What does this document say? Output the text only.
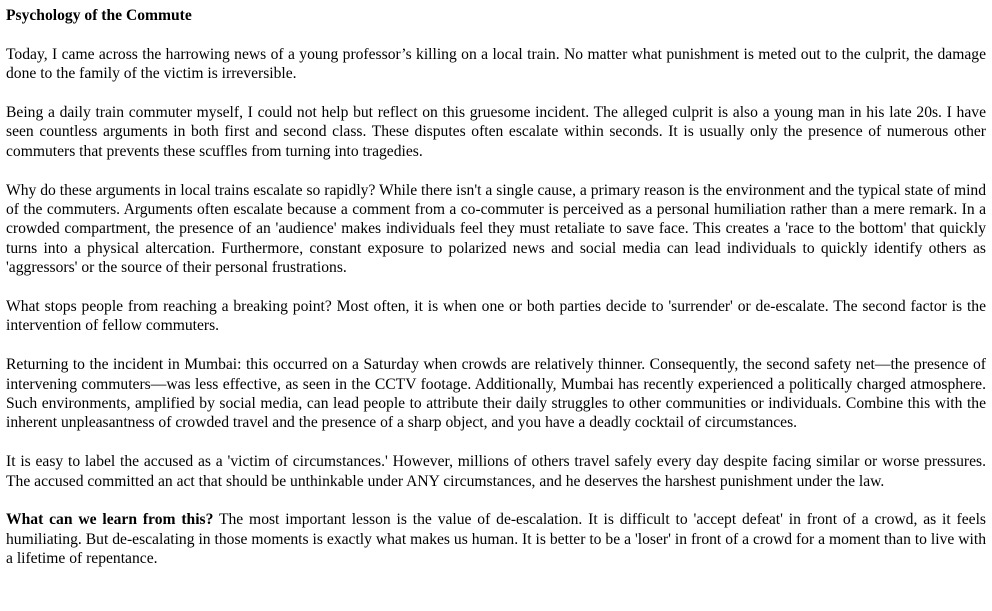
Psychology of the Commute

Today, I came across the harrowing news of a young professor’s killing on a local train. No matter what punishment is meted out to the culprit, the damage done to the family of the victim is irreversible.

Being a daily train commuter myself, I could not help but reflect on this gruesome incident. The alleged culprit is also a young man in his late 20s. I have seen countless arguments in both first and second class. These disputes often escalate within seconds. It is usually only the presence of numerous other commuters that prevents these scuffles from turning into tragedies.

Why do these arguments in local trains escalate so rapidly? While there isn't a single cause, a primary reason is the environment and the typical state of mind of the commuters. Arguments often escalate because a comment from a co-commuter is perceived as a personal humiliation rather than a mere remark. In a crowded compartment, the presence of an 'audience' makes individuals feel they must retaliate to save face. This creates a 'race to the bottom' that quickly turns into a physical altercation. Furthermore, constant exposure to polarized news and social media can lead individuals to quickly identify others as 'aggressors' or the source of their personal frustrations.

What stops people from reaching a breaking point? Most often, it is when one or both parties decide to 'surrender' or de-escalate. The second factor is the intervention of fellow commuters.

Returning to the incident in Mumbai: this occurred on a Saturday when crowds are relatively thinner. Consequently, the second safety net—the presence of intervening commuters—was less effective, as seen in the CCTV footage. Additionally, Mumbai has recently experienced a politically charged atmosphere. Such environments, amplified by social media, can lead people to attribute their daily struggles to other communities or individuals. Combine this with the inherent unpleasantness of crowded travel and the presence of a sharp object, and you have a deadly cocktail of circumstances.

It is easy to label the accused as a 'victim of circumstances.' However, millions of others travel safely every day despite facing similar or worse pressures. The accused committed an act that should be unthinkable under ANY circumstances, and he deserves the harshest punishment under the law.

What can we learn from this? The most important lesson is the value of de-escalation. It is difficult to 'accept defeat' in front of a crowd, as it feels humiliating. But de-escalating in those moments is exactly what makes us human. It is better to be a 'loser' in front of a crowd for a moment than to live with a lifetime of repentance.
